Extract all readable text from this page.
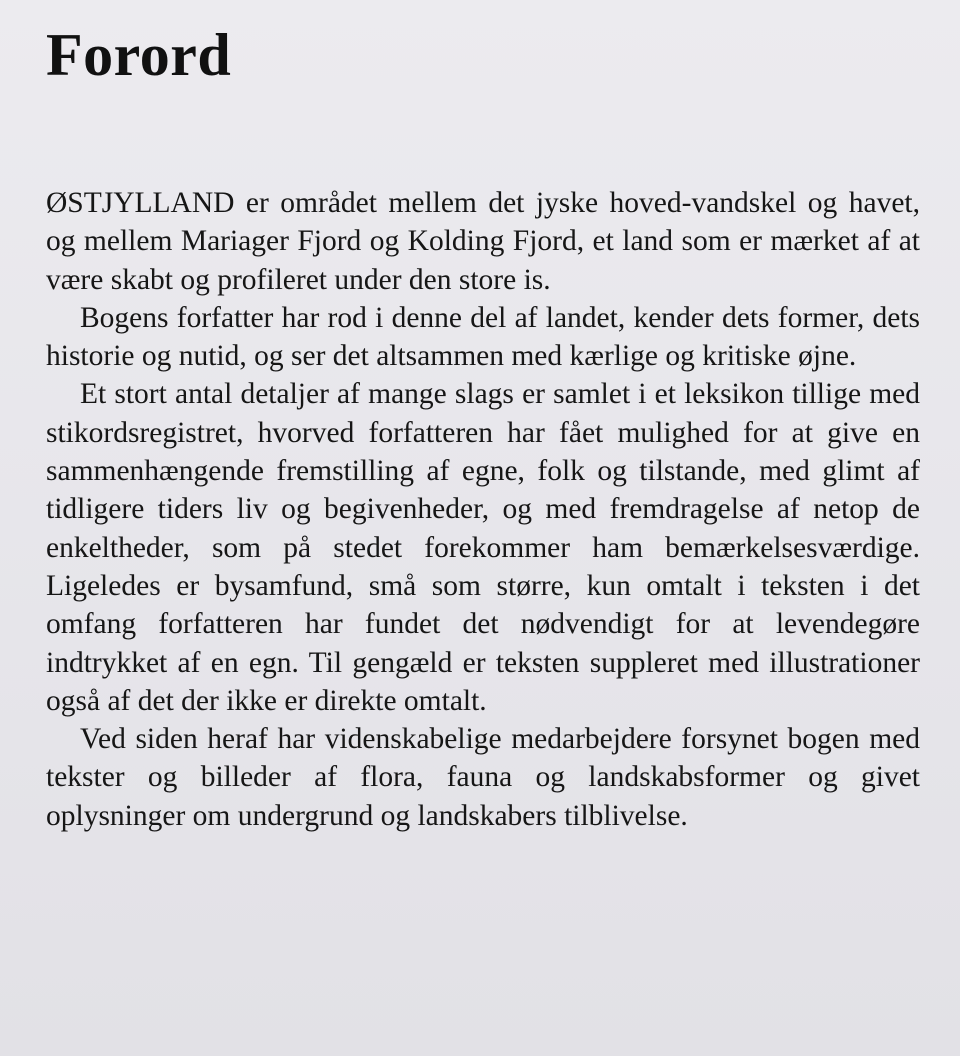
Forord

ØSTJYLLAND er området mellem det jyske hoved-vandskel og havet, og mellem Mariager Fjord og Kolding Fjord, et land som er mærket af at være skabt og profileret under den store is.

Bogens forfatter har rod i denne del af landet, kender dets former, dets historie og nutid, og ser det altsammen med kærlige og kritiske øjne.

Et stort antal detaljer af mange slags er samlet i et leksikon tillige med stikordsregistret, hvorved forfatteren har fået mulighed for at give en sammenhængende fremstilling af egne, folk og tilstande, med glimt af tidligere tiders liv og begivenheder, og med fremdragelse af netop de enkeltheder, som på stedet forekommer ham bemærkelsesværdige. Ligeledes er bysamfund, små som større, kun omtalt i teksten i det omfang forfatteren har fundet det nødvendigt for at levendegøre indtrykket af en egn. Til gengæld er teksten suppleret med illustrationer også af det der ikke er direkte omtalt.

Ved siden heraf har videnskabelige medarbejdere forsynet bogen med tekster og billeder af flora, fauna og landskabsformer og givet oplysninger om undergrund og landskabers tilblivelse.
